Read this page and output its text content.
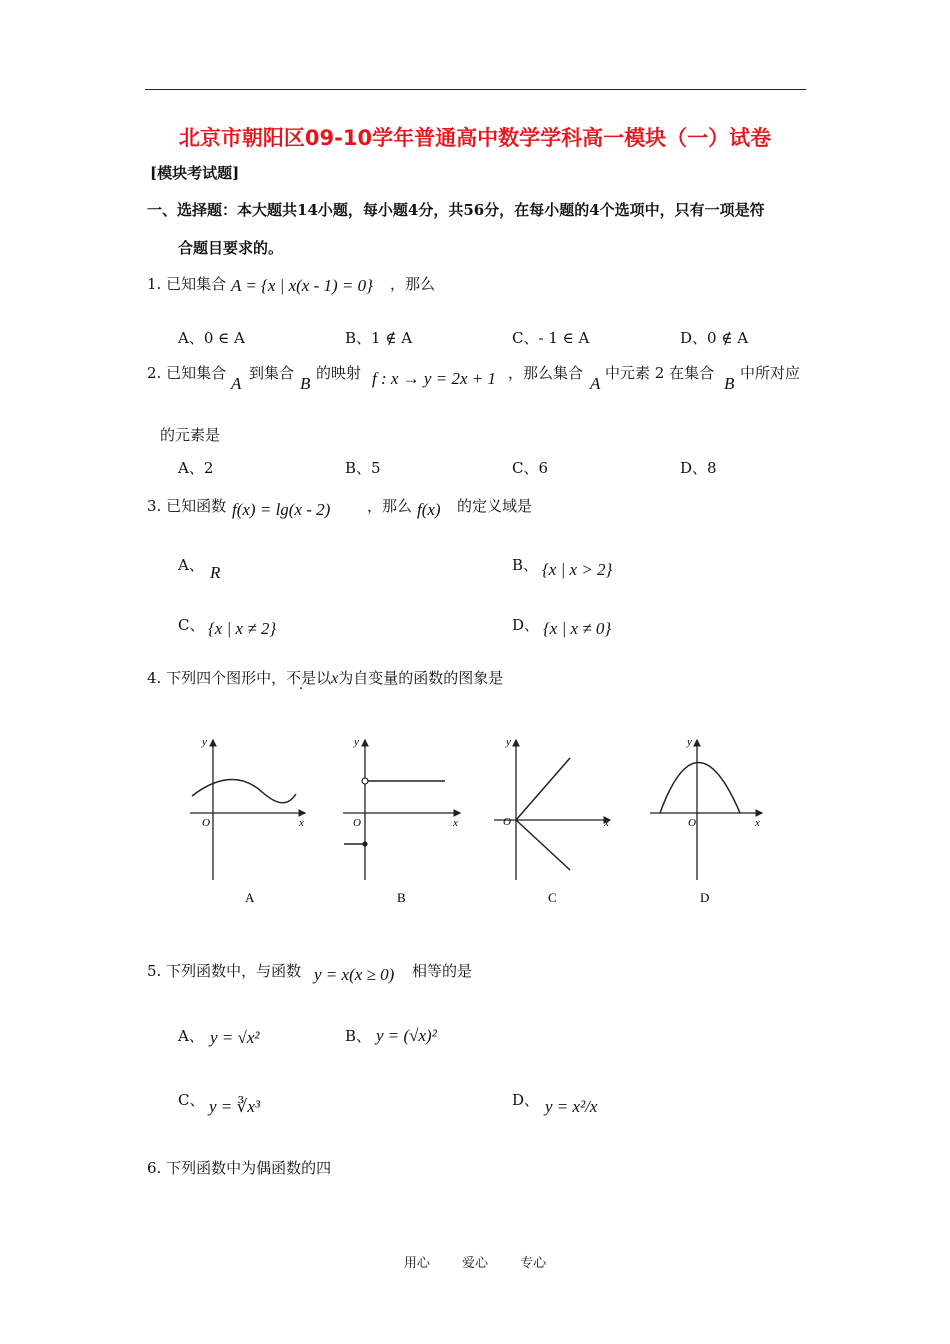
北京市朝阳区09-10学年普通高中数学学科高一模块（一）试卷
[模块考试题]
一、选择题：本大题共14小题，每小题4分，共56分，在每小题的4个选项中，只有一项是符
合题目要求的。
1. 已知集合 A = {x | x(x - 1) = 0} ，那么
A、0 ∈ A	B、1 ∉ A	C、- 1 ∈ A	D、0 ∉ A
2. 已知集合
A
到集合
B
的映射 f : x → y = 2x + 1 ，那么集合
A
中元素 2 在集合
B
中所对应
的元素是
A、2	B、5	C、6	D、8
3. 已知函数 f(x) = lg(x - 2) ，那么 f(x) 的定义域是
A、 R	B、 {x | x > 2}
C、 {x | x ≠ 2}	D、 {x | x ≠ 0}
4. 下列四个图形中，不是以x为自变量的函数的图象是
y
x
O
A
y
x
O
B
y
x
O
C
y
x
O
D
5. 下列函数中，与函数 y = x(x ≥ 0) 相等的是
A、 y = √x²	B、 y = (√x)²
C、 y = ∛x³	D、 y = x²/x
6. 下列函数中为偶函数的四
用心 爱心 专心
